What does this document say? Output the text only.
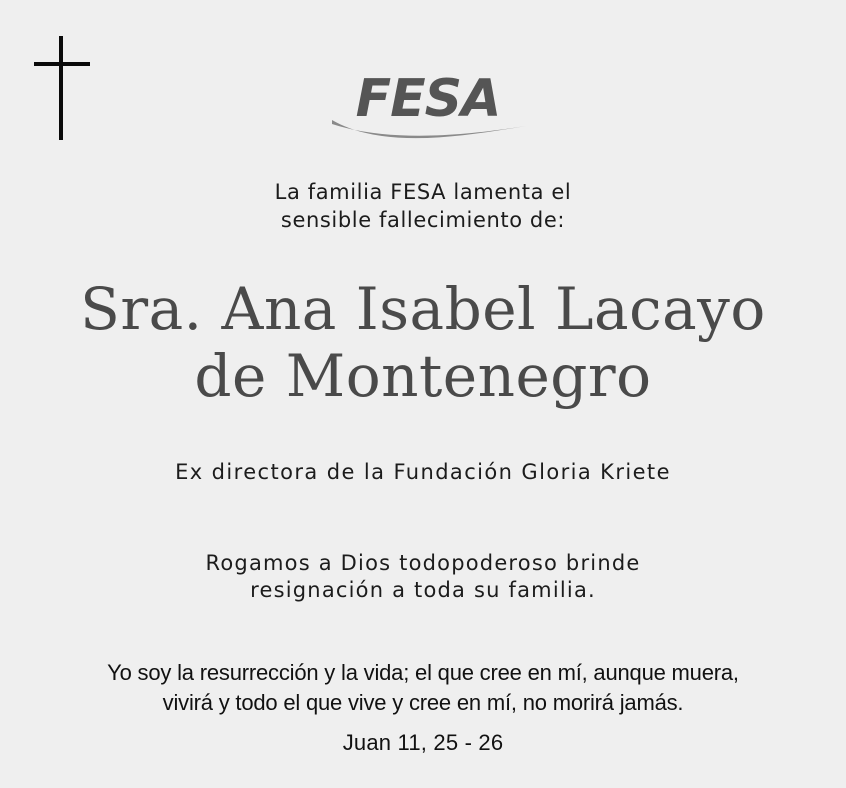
FESA
La familia FESA lamenta el
sensible fallecimiento de:
Sra. Ana Isabel Lacayo
de Montenegro
Ex directora de la Fundación Gloria Kriete
Rogamos a Dios todopoderoso brinde
resignación a toda su familia.
Yo soy la resurrección y la vida; el que cree en mí, aunque muera,
vivirá y todo el que vive y cree en mí, no morirá jamás.
Juan 11, 25 - 26
